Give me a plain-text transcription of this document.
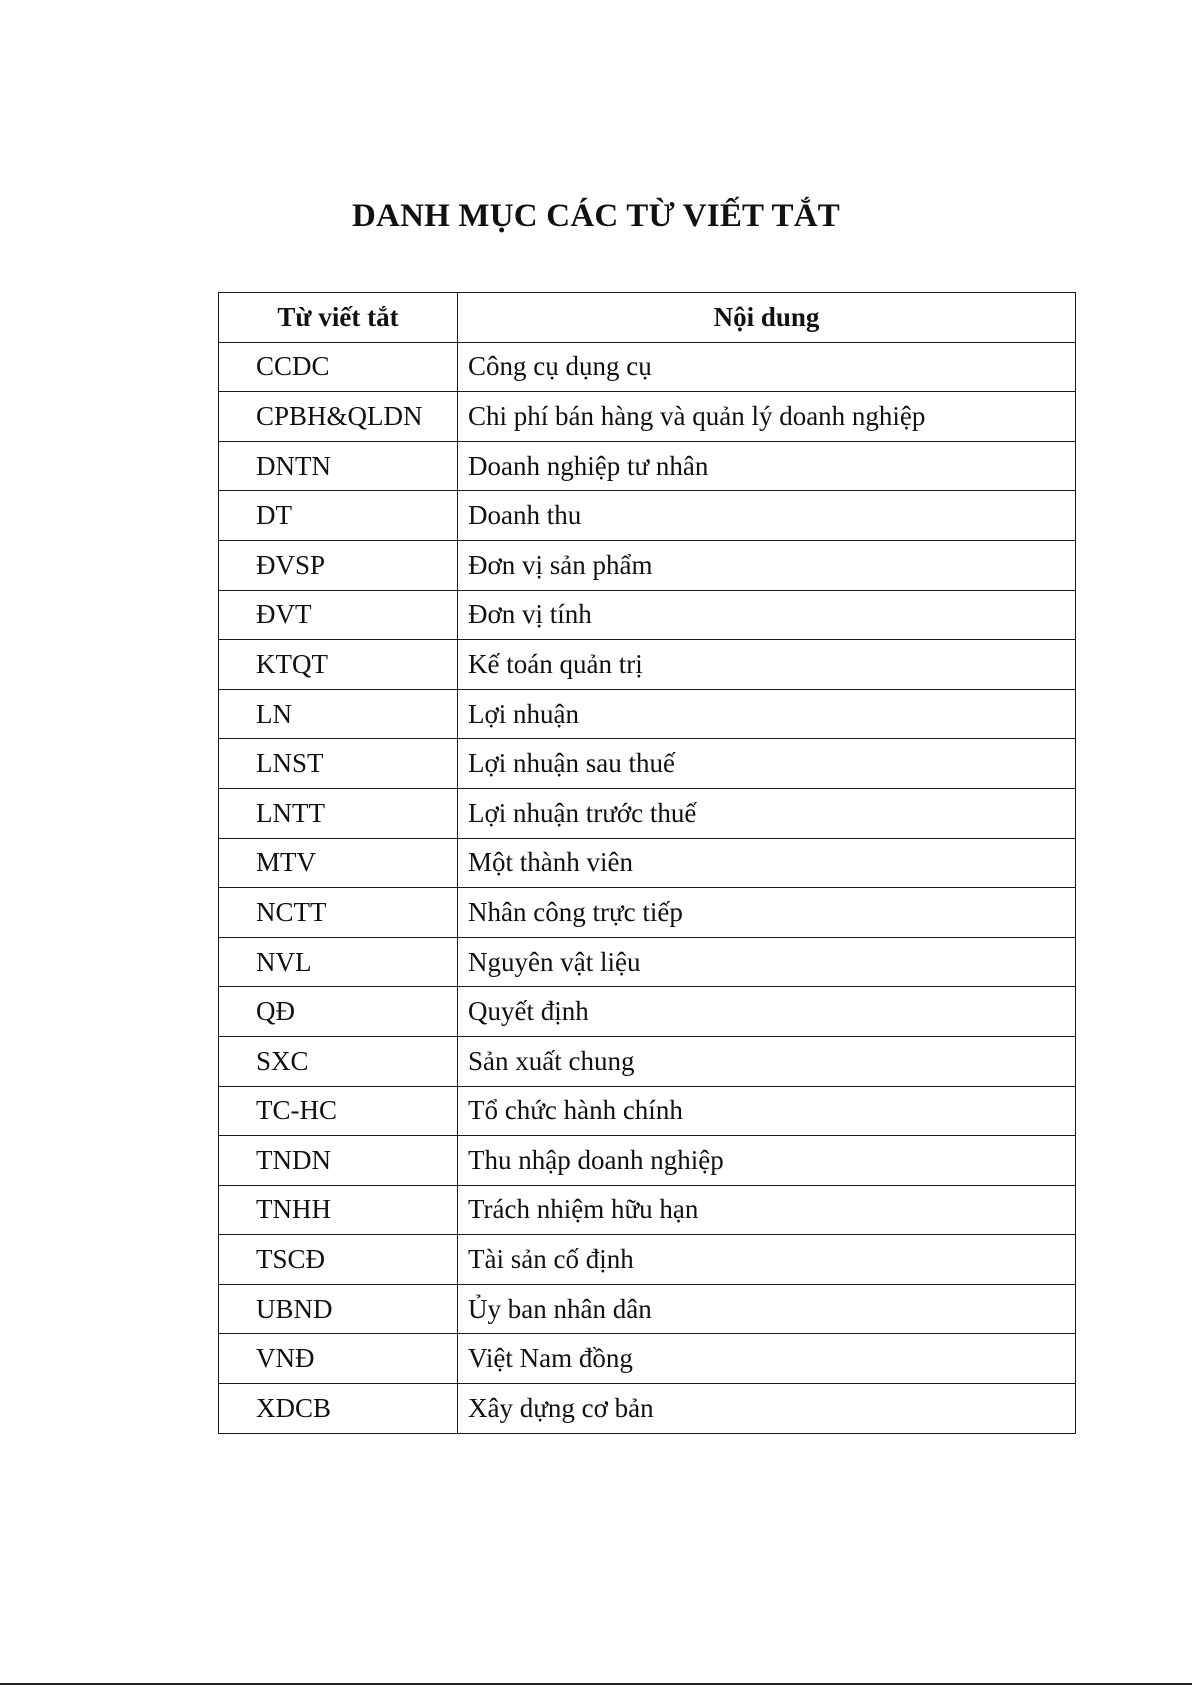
DANH MỤC CÁC TỪ VIẾT TẮT
Từ viết tắt	Nội dung
CCDC	Công cụ dụng cụ
CPBH&QLDN	Chi phí bán hàng và quản lý doanh nghiệp
DNTN	Doanh nghiệp tư nhân
DT	Doanh thu
ĐVSP	Đơn vị sản phẩm
ĐVT	Đơn vị tính
KTQT	Kế toán quản trị
LN	Lợi nhuận
LNST	Lợi nhuận sau thuế
LNTT	Lợi nhuận trước thuế
MTV	Một thành viên
NCTT	Nhân công trực tiếp
NVL	Nguyên vật liệu
QĐ	Quyết định
SXC	Sản xuất chung
TC-HC	Tổ chức hành chính
TNDN	Thu nhập doanh nghiệp
TNHH	Trách nhiệm hữu hạn
TSCĐ	Tài sản cố định
UBND	Ủy ban nhân dân
VNĐ	Việt Nam đồng
XDCB	Xây dựng cơ bản
